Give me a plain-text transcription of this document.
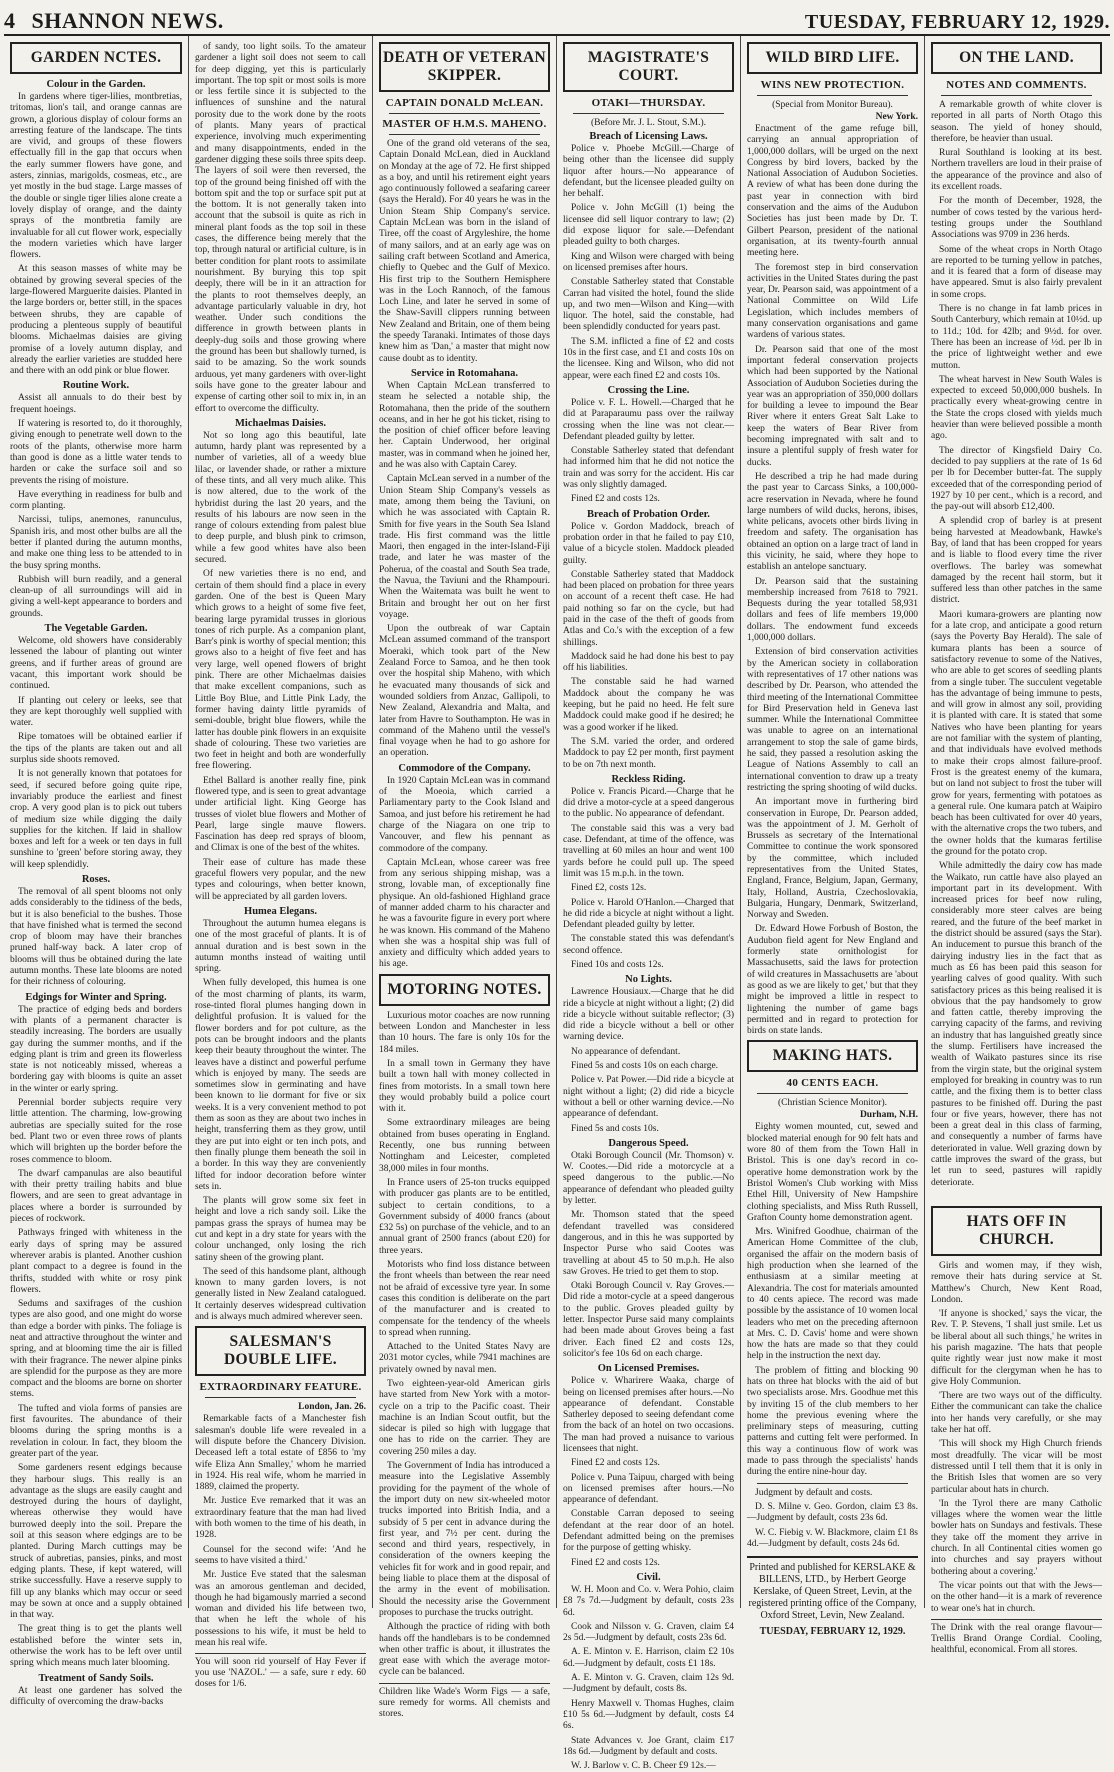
4 SHANNON NEWS.	TUESDAY, FEBRUARY 12, 1929.
GARDEN NCTES.
Colour in the Garden.

In gardens where tiger-lilies, montbretias, tritomas, lion's tail, and orange cannas are grown, a glorious display of colour forms an arresting feature of the landscape. The tints are vivid, and groups of these flowers effectually fill in the gap that occurs when the early summer flowers have gone, and asters, zinnias, marigolds, cosmeas, etc., are yet mostly in the bud stage. Large masses of the double or single tiger lilies alone create a lovely display of orange, and the dainty sprays of the montbretia family are invaluable for all cut flower work, especially the modern varieties which have larger flowers.

At this season masses of white may be obtained by growing several species of the large-flowered Marguerite daisies. Planted in the large borders or, better still, in the spaces between shrubs, they are capable of producing a plenteous supply of beautiful blooms. Michaelmas daisies are giving promise of a lovely autumn display, and already the earlier varieties are studded here and there with an odd pink or blue flower.

Routine Work.

Assist all annuals to do their best by frequent hoeings.

If watering is resorted to, do it thoroughly, giving enough to penetrate well down to the roots of the plants, otherwise more harm than good is done as a little water tends to harden or cake the surface soil and so prevents the rising of moisture.

Have everything in readiness for bulb and corm planting.

Narcissi, tulips, anemones, ranunculus, Spanish iris, and most other bulbs are all the better if planted during the autumn months, and make one thing less to be attended to in the busy spring months.

Rubbish will burn readily, and a general clean-up of all surroundings will aid in giving a well-kept appearance to borders and grounds.

The Vegetable Garden.

Welcome, old showers have considerably lessened the labour of planting out winter greens, and if further areas of ground are vacant, this important work should be continued.

If planting out celery or leeks, see that they are kept thoroughly well supplied with water.

Ripe tomatoes will be obtained earlier if the tips of the plants are taken out and all surplus side shoots removed.

It is not generally known that potatoes for seed, if secured before going quite ripe, invariably produce the earliest and finest crop. A very good plan is to pick out tubers of medium size while digging the daily supplies for the kitchen. If laid in shallow boxes and left for a week or ten days in full sunshine to 'green' before storing away, they will keep splendidly.

Roses.

The removal of all spent blooms not only adds considerably to the tidiness of the beds, but it is also beneficial to the bushes. Those that have finished what is termed the second crop of bloom may have their branches pruned half-way back. A later crop of blooms will thus be obtained during the late autumn months. These late blooms are noted for their richness of colouring.

Edgings for Winter and Spring.

The practice of edging beds and borders with plants of a permanent character is steadily increasing. The borders are usually gay during the summer months, and if the edging plant is trim and green its flowerless state is not noticeably missed, whereas a bordering gay with blooms is quite an asset in the winter or early spring.

Perennial border subjects require very little attention. The charming, low-growing aubretias are specially suited for the rose bed. Plant two or even three rows of plants which will brighten up the border before the roses commence to bloom.

The dwarf campanulas are also beautiful with their pretty trailing habits and blue flowers, and are seen to great advantage in places where a border is surrounded by pieces of rockwork.

Pathways fringed with whiteness in the early days of spring may be assured wherever arabis is planted. Another cushion plant compact to a degree is found in the thrifts, studded with white or rosy pink flowers.

Sedums and saxifrages of the cushion types are also good, and one might do worse than edge a border with pinks. The foliage is neat and attractive throughout the winter and spring, and at blooming time the air is filled with their fragrance. The newer alpine pinks are splendid for the purpose as they are more compact and the blooms are borne on shorter stems.

The tufted and viola forms of pansies are first favourites. The abundance of their blooms during the spring months is a revelation in colour. In fact, they bloom the greater part of the year.

Some gardeners resent edgings because they harbour slugs. This really is an advantage as the slugs are easily caught and destroyed during the hours of daylight, whereas otherwise they would have burrowed deeply into the soil. Prepare the soil at this season where edgings are to be planted. During March cuttings may be struck of aubretias, pansies, pinks, and most edging plants. These, if kept watered, will strike successfully. Have a reserve supply to fill up any blanks which may occur or seed may be sown at once and a supply obtained in that way.

The great thing is to get the plants well established before the winter sets in, otherwise the work has to be left over until spring which means much later blooming.

Treatment of Sandy Soils.

At least one gardener has solved the difficulty of overcoming the draw-backs

of sandy, too light soils. To the amateur gardener a light soil does not seem to call for deep digging, yet this is particularly important. The top spit or most soils is more or less fertile since it is subjected to the influences of sunshine and the natural porosity due to the work done by the roots of plants. Many years of practical experience, involving much experimenting and many disappointments, ended in the gardener digging these soils three spits deep. The layers of soil were then reversed, the top of the ground being finished off with the bottom spit and the top or surface spit put at the bottom. It is not generally taken into account that the subsoil is quite as rich in mineral plant foods as the top soil in these cases, the difference being merely that the top, through natural or artificial culture, is in better condition for plant roots to assimilate nourishment. By burying this top spit deeply, there will be in it an attraction for the plants to root themselves deeply, an advantage particularly valuable in dry, hot weather. Under such conditions the difference in growth between plants in deeply-dug soils and those growing where the ground has been but shallowly turned, is said to be amazing. So the work sounds arduous, yet many gardeners with over-light soils have gone to the greater labour and expense of carting other soil to mix in, in an effort to overcome the difficulty.

Michaelmas Daisies.

Not so long ago this beautiful, late autumn, hardy plant was represented by a number of varieties, all of a weedy blue lilac, or lavender shade, or rather a mixture of these tints, and all very much alike. This is now altered, due to the work of the hybridist during the last 20 years, and the results of his labours are now seen in the range of colours extending from palest blue to deep purple, and blush pink to crimson, while a few good whites have also been secured.

Of new varieties there is no end, and certain of them should find a place in every garden. One of the best is Queen Mary which grows to a height of some five feet, bearing large pyramidal trusses in glorious tones of rich purple. As a companion plant, Barr's pink is worthy of special mention; this grows also to a height of five feet and has very large, well opened flowers of bright pink. There are other Michaelmas daisies that make excellent companions, such as Little Boy Blue, and Little Pink Lady, the former having dainty little pyramids of semi-double, bright blue flowers, while the latter has double pink flowers in an exquisite shade of colouring. These two varieties are two feet in height and both are wonderfully free flowering.

Ethel Ballard is another really fine, pink flowered type, and is seen to great advantage under artificial light. King George has trusses of violet blue flowers and Mother of Pearl, large single mauve flowers. Fascination has deep red sprays of bloom, and Climax is one of the best of the whites.

Their ease of culture has made these graceful flowers very popular, and the new types and colourings, when better known, will be appreciated by all garden lovers.

Humea Elegans.

Throughout the autumn humea elegans is one of the most graceful of plants. It is of annual duration and is best sown in the autumn months instead of waiting until spring.

When fully developed, this humea is one of the most charming of plants, its warm, rose-tinted floral plumes hanging down in delightful profusion. It is valued for the flower borders and for pot culture, as the pots can be brought indoors and the plants keep their beauty throughout the winter. The leaves have a distinct and powerful perfume which is enjoyed by many. The seeds are sometimes slow in germinating and have been known to lie dormant for five or six weeks. It is a very convenient method to pot them as soon as they are about two inches in height, transferring them as they grow, until they are put into eight or ten inch pots, and then finally plunge them beneath the soil in a border. In this way they are conveniently lifted for indoor decoration before winter sets in.

The plants will grow some six feet in height and love a rich sandy soil. Like the pampas grass the sprays of humea may be cut and kept in a dry state for years with the colour unchanged, only losing the rich satiny sheen of the growing plant.

The seed of this handsome plant, although known to many garden lovers, is not generally listed in New Zealand catalogued. It certainly deserves widespread cultivation and is always much admired wherever seen.

SALESMAN'S DOUBLE LIFE.
EXTRAORDINARY FEATURE.
London, Jan. 26.

Remarkable facts of a Manchester fish salesman's double life were revealed in a will dispute before the Chancery Division. Deceased left a total estate of £856 to 'my wife Eliza Ann Smalley,' whom he married in 1924. His real wife, whom he married in 1889, claimed the property.

Mr. Justice Eve remarked that it was an extraordinary feature that the man had lived with both women to the time of his death, in 1928.

Counsel for the second wife: 'And he seems to have visited a third.'

Mr. Justice Eve stated that the salesman was an amorous gentleman and decided, though he had bigamously married a second woman and divided his life between two, that when he left the whole of his possessions to his wife, it must be held to mean his real wife.

You will soon rid yourself of Hay Fever if you use 'NAZOL.' — a safe, sure r edy. 60 doses for 1/6.
DEATH OF VETERAN SKIPPER.
CAPTAIN DONALD McLEAN.
MASTER OF H.M.S. MAHENO.

One of the grand old veterans of the sea, Captain Donald McLean, died in Auckland on Monday at the age of 72. He first shipped as a boy, and until his retirement eight years ago continuously followed a seafaring career (says the Herald). For 40 years he was in the Union Steam Ship Company's service. Captain McLean was born in the island of Tiree, off the coast of Argyleshire, the home of many sailors, and at an early age was on sailing craft between Scotland and America, chiefly to Quebec and the Gulf of Mexico. His first trip to the Southern Hemisphere was in the Loch Rannoch, of the famous Loch Line, and later he served in some of the Shaw-Savill clippers running between New Zealand and Britain, one of them being the speedy Taranaki. Intimates of those days knew him as 'Dan,' a master that might now cause doubt as to identity.

Service in Rotomahana.

When Captain McLean transferred to steam he selected a notable ship, the Rotomahana, then the pride of the southern oceans, and in her he got his ticket, rising to the position of chief officer before leaving her. Captain Underwood, her original master, was in command when he joined her, and he was also with Captain Carey.

Captain McLean served in a number of the Union Steam Ship Company's vessels as mate, among them being the Taviuni, on which he was associated with Captain R. Smith for five years in the South Sea Island trade. His first command was the little Maori, then engaged in the inter-Island-Fiji trade, and later he was master of the Poherua, of the coastal and South Sea trade, the Navua, the Taviuni and the Rhampouri. When the Waitemata was built he went to Britain and brought her out on her first voyage.

Upon the outbreak of war Captain McLean assumed command of the transport Moeraki, which took part of the New Zealand Force to Samoa, and he then took over the hospital ship Maheno, with which he evacuated many thousands of sick and wounded soldiers from Anzac, Gallipoli, to New Zealand, Alexandria and Malta, and later from Havre to Southampton. He was in command of the Maheno until the vessel's final voyage when he had to go ashore for an operation.

Commodore of the Company.

In 1920 Captain McLean was in command of the Moeoia, which carried a Parliamentary party to the Cook Island and Samoa, and just before his retirement he had charge of the Niagara on one trip to Vancouver, and flew his pennant as commodore of the company.

Captain McLean, whose career was free from any serious shipping mishap, was a strong, lovable man, of exceptionally fine physique. An old-fashioned Highland grace of manner added charm to his character and he was a favourite figure in every port where he was known. His command of the Maheno when she was a hospital ship was full of anxiety and difficulty which added years to his age.

MOTORING NOTES.

Luxurious motor coaches are now running between London and Manchester in less than 10 hours. The fare is only 10s for the 184 miles.

In a small town in Germany they have built a town hall with money collected in fines from motorists. In a small town here they would probably build a police court with it.

Some extraordinary mileages are being obtained from buses operating in England. Recently, one bus running between Nottingham and Leicester, completed 38,000 miles in four months.

In France users of 25-ton trucks equipped with producer gas plants are to be entitled, subject to certain conditions, to a Government subsidy of 4000 francs (about £32 5s) on purchase of the vehicle, and to an annual grant of 2500 francs (about £20) for three years.

Motorists who find loss distance between the front wheels than between the rear need not be afraid of excessive tyre year. In some cases this condition is deliberate on the part of the manufacturer and is created to compensate for the tendency of the wheels to spread when running.

Attached to the United States Navy are 2031 motor cycles, while 7941 machines are privately owned by naval men.

Two eighteen-year-old American girls have started from New York with a motor-cycle on a trip to the Pacific coast. Their machine is an Indian Scout outfit, but the sidecar is piled so high with luggage that one has to ride on the carrier. They are covering 250 miles a day.

The Government of India has introduced a measure into the Legislative Assembly providing for the payment of the whole of the import duty on new six-wheeled motor trucks imported into British India, and a subsidy of 5 per cent in advance during the first year, and 7½ per cent. during the second and third years, respectively, in consideration of the owners keeping the vehicles fit for work and in good repair, and being liable to place them at the disposal of the army in the event of mobilisation. Should the necessity arise the Government proposes to purchase the trucks outright.

Although the practice of riding with both hands off the handlebars is to be condemned when other traffic is about, it illustrates the great ease with which the average motor-cycle can be balanced.

Children like Wade's Worm Figs — a safe, sure remedy for worms. All chemists and stores.
MAGISTRATE'S COURT.
OTAKI—THURSDAY.
(Before Mr. J. L. Stout, S.M.).
Breach of Licensing Laws.

Police v. Phoebe McGill.—Charge of being other than the licensee did supply liquor after hours.—No appearance of defendant, but the licensee pleaded guilty on her behalf.

Police v. John McGill (1) being the licensee did sell liquor contrary to law; (2) did expose liquor for sale.—Defendant pleaded guilty to both charges.

King and Wilson were charged with being on licensed premises after hours.

Constable Satherley stated that Constable Carran had visited the hotel, found the slide up, and two men—Wilson and King—with liquor. The hotel, said the constable, had been splendidly conducted for years past.

The S.M. inflicted a fine of £2 and costs 10s in the first case, and £1 and costs 10s on the licensee. King and Wilson, who did not appear, were each fined £2 and costs 10s.

Crossing the Line.

Police v. F. L. Howell.—Charged that he did at Paraparaumu pass over the railway crossing when the line was not clear.—Defendant pleaded guilty by letter.

Constable Satherley stated that defendant had informed him that he did not notice the train and was sorry for the accident. His car was only slightly damaged.

Fined £2 and costs 12s.

Breach of Probation Order.

Police v. Gordon Maddock, breach of probation order in that he failed to pay £10, value of a bicycle stolen. Maddock pleaded guilty.

Constable Satherley stated that Maddock had been placed on probation for three years on account of a recent theft case. He had paid nothing so far on the cycle, but had paid in the case of the theft of goods from Atlas and Co.'s with the exception of a few shillings.

Maddock said he had done his best to pay off his liabilities.

The constable said he had warned Maddock about the company he was keeping, but he paid no heed. He felt sure Maddock could make good if he desired; he was a good worker if he liked.

The S.M. varied the order, and ordered Maddock to pay £2 per month, first payment to be on 7th next month.

Reckless Riding.

Police v. Francis Picard.—Charge that he did drive a motor-cycle at a speed dangerous to the public. No appearance of defendant.

The constable said this was a very bad case. Defendant, at time of the offence, was travelling at 60 miles an hour and went 100 yards before he could pull up. The speed limit was 15 m.p.h. in the town.

Fined £2, costs 12s.

Police v. Harold O'Hanlon.—Charged that he did ride a bicycle at night without a light. Defendant pleaded guilty by letter.

The constable stated this was defendant's second offence.

Fined 10s and costs 12s.

No Lights.

Lawrence Housiaux.—Charge that he did ride a bicycle at night without a light; (2) did ride a bicycle without suitable reflector; (3) did ride a bicycle without a bell or other warning device.

No appearance of defendant.

Fined 5s and costs 10s on each charge.

Police v. Pat Power.—Did ride a bicycle at night without a light; (2) did ride a bicycle without a bell or other warning device.—No appearance of defendant.

Fined 5s and costs 10s.

Dangerous Speed.

Otaki Borough Council (Mr. Thomson) v. W. Cootes.—Did ride a motorcycle at a speed dangerous to the public.—No appearance of defendant who pleaded guilty by letter.

Mr. Thomson stated that the speed defendant travelled was considered dangerous, and in this he was supported by Inspector Purse who said Cootes was travelling at about 45 to 50 m.p.h. He also saw Groves. He tried to get them to stop.

Otaki Borough Council v. Ray Groves.—Did ride a motor-cycle at a speed dangerous to the public. Groves pleaded guilty by letter. Inspector Purse said many complaints had been made about Groves being a fast driver. Each fined £2 and costs 12s, solicitor's fee 10s 6d on each charge.

On Licensed Premises.

Police v. Wharirere Waaka, charge of being on licensed premises after hours.—No appearance of defendant. Constable Satherley deposed to seeing defendant come from the back of an hotel on two occasions. The man had proved a nuisance to various licensees that night.

Fined £2 and costs 12s.

Police v. Puna Taipuu, charged with being on licensed premises after hours.—No appearance of defendant.

Constable Carran deposed to seeing defendant at the rear door of an hotel. Defendant admitted being on the premises for the purpose of getting whisky.

Fined £2 and costs 12s.

Civil.

W. H. Moon and Co. v. Wera Pohio, claim £8 7s 7d.—Judgment by default, costs 23s 6d.

Cook and Nilsson v. G. Craven, claim £4 2s 5d.—Judgment by default, costs 23s 6d.

A. E. Minton v. E. Harrison, claim £2 10s 6d.—Judgment by default, costs £1 18s.

A. E. Minton v. G. Craven, claim 12s 9d.—Judgment by default, costs 8s.

Henry Maxwell v. Thomas Hughes, claim £10 5s 6d.—Judgment by default, costs £4 6s.

State Advances v. Joe Grant, claim £17 18s 6d.—Judgment by default and costs.

W. J. Barlow v. C. B. Cheer £9 12s.—

WILD BIRD LIFE.
WINS NEW PROTECTION.
(Special from Monitor Bureau).
New York.

Enactment of the game refuge bill, carrying an annual appropriation of 1,000,000 dollars, will be urged on the next Congress by bird lovers, backed by the National Association of Audubon Societies. A review of what has been done during the past year in connection with bird conservation and the aims of the Audubon Societies has just been made by Dr. T. Gilbert Pearson, president of the national organisation, at its twenty-fourth annual meeting here.

The foremost step in bird conservation activities in the United States during the past year, Dr. Pearson said, was appointment of a National Committee on Wild Life Legislation, which includes members of many conservation organisations and game wardens of various states.

Dr. Pearson said that one of the most important federal conservation projects which had been supported by the National Association of Audubon Societies during the year was an appropriation of 350,000 dollars for building a levee to impound the Bear River where it enters Great Salt Lake to keep the waters of Bear River from becoming impregnated with salt and to insure a plentiful supply of fresh water for ducks.

He described a trip he had made during the past year to Carcass Sinks, a 100,000-acre reservation in Nevada, where he found large numbers of wild ducks, herons, ibises, white pelicans, avocets other birds living in freedom and safety. The organisation has obtained an option on a large tract of land in this vicinity, he said, where they hope to establish an antelope sanctuary.

Dr. Pearson said that the sustaining membership increased from 7618 to 7921. Bequests during the year totalled 58,931 dollars and fees of life members 19,000 dollars. The endowment fund exceeds 1,000,000 dollars.

Extension of bird conservation activities by the American society in collaboration with representatives of 17 other nations was described by Dr. Pearson, who attended the third meeting of the International Committee for Bird Preservation held in Geneva last summer. While the International Committee was unable to agree on an international arrangement to stop the sale of game birds, he said, they passed a resolution asking the League of Nations Assembly to call an international convention to draw up a treaty restricting the spring shooting of wild ducks.

An important move in furthering bird conservation in Europe, Dr. Pearson added, was the appointment of J. M. Gerholt of Brussels as secretary of the International Committee to continue the work sponsored by the committee, which included representatives from the United States, England, France, Belgium, Japan, Germany, Italy, Holland, Austria, Czechoslovakia, Bulgaria, Hungary, Denmark, Switzerland, Norway and Sweden.

Dr. Edward Howe Forbush of Boston, the Audubon field agent for New England and formerly state ornithologist for Massachusetts, said the laws for protection of wild creatures in Massachusetts are 'about as good as we are likely to get,' but that they might be improved a little in respect to lightening the number of game bags permitted and in regard to protection for birds on state lands.

MAKING HATS.
40 CENTS EACH.
(Christian Science Monitor).
Durham, N.H.

Eighty women mounted, cut, sewed and blocked material enough for 90 felt hats and wore 80 of them from the Town Hall in Bristol. This is one day's record in co-operative home demonstration work by the Bristol Women's Club working with Miss Ethel Hill, University of New Hampshire clothing specialists, and Miss Ruth Russell, Grafton County home demonstration agent.

Mrs. Winifred Goodhue, chairman of the American Home Committee of the club, organised the affair on the modern basis of high production when she learned of the enthusiasm at a similar meeting at Alexandria. The cost for materials amounted to 40 cents apiece. The record was made possible by the assistance of 10 women local leaders who met on the preceding afternoon at Mrs. C. D. Cavis' home and were shown how the hats are made so that they could help in the instruction the next day.

The problem of fitting and blocking 90 hats on three hat blocks with the aid of but two specialists arose. Mrs. Goodhue met this by inviting 15 of the club members to her home the previous evening where the preliminary steps of measuring, cutting patterns and cutting felt were performed. In this way a continuous flow of work was made to pass through the specialists' hands during the entire nine-hour day.

Judgment by default and costs.

D. S. Milne v. Geo. Gordon, claim £3 8s.—Judgment by default, costs 23s 6d.

W. C. Fiebig v. W. Blackmore, claim £1 8s 4d.—Judgment by default, costs 24s 6d.

Printed and published for KERSLAKE & BILLENS, LTD., by Herbert George Kerslake, of Queen Street, Levin, at the registered printing office of the Company, Oxford Street, Levin, New Zealand.
TUESDAY, FEBRUARY 12, 1929.
ON THE LAND.
NOTES AND COMMENTS.

A remarkable growth of white clover is reported in all parts of North Otago this season. The yield of honey should, therefore, be heavier than usual.

Rural Southland is looking at its best. Northern travellers are loud in their praise of the appearance of the province and also of its excellent roads.

For the month of December, 1928, the number of cows tested by the various herd-testing groups under the Southland Associations was 9709 in 236 herds.

Some of the wheat crops in North Otago are reported to be turning yellow in patches, and it is feared that a form of disease may have appeared. Smut is also fairly prevalent in some crops.

There is no change in fat lamb prices in South Canterbury, which remain at 10½d. up to 11d.; 10d. for 42lb; and 9½d. for over. There has been an increase of ½d. per lb in the price of lightweight wether and ewe mutton.

The wheat harvest in New South Wales is expected to exceed 50,000,000 bushels. In practically every wheat-growing centre in the State the crops closed with yields much heavier than were believed possible a month ago.

The director of Kingsfield Dairy Co. decided to pay suppliers at the rate of 1s 6d per lb for December butter-fat. The supply exceeded that of the corresponding period of 1927 by 10 per cent., which is a record, and the pay-out will absorb £12,400.

A splendid crop of barley is at present being harvested at Meadowbank, Hawke's Bay, of land that has been cropped for years and is liable to flood every time the river overflows. The barley was somewhat damaged by the recent hail storm, but it suffered less than other patches in the same district.

Maori kumara-growers are planting now for a late crop, and anticipate a good return (says the Poverty Bay Herald). The sale of kumara plants has been a source of satisfactory revenue to some of the Natives, who are able to get scores of seedling plants from a single tuber. The succulent vegetable has the advantage of being immune to pests, and will grow in almost any soil, providing it is planted with care. It is stated that some Natives who have been planting for years are not familiar with the system of planting, and that individuals have evolved methods to make their crops almost failure-proof. Frost is the greatest enemy of the kumara, but on land not subject to frost the tuber will grow for years, fermenting with potatoes as a general rule. One kumara patch at Waipiro beach has been cultivated for over 40 years, with the alternative crops the two tubers, and the owner holds that the kumaras fertilise the ground for the potato crop.

While admittedly the dairy cow has made the Waikato, run cattle have also played an important part in its development. With increased prices for beef now ruling, considerably more steer calves are being reared, and the future of the beef market in the district should be assured (says the Star). An inducement to pursue this branch of the dairying industry lies in the fact that as much as £6 has been paid this season for yearling calves of good quality. With such satisfactory prices as this being realised it is obvious that the pay handsomely to grow and fatten cattle, thereby improving the carrying capacity of the farms, and reviving an industry that has languished greatly since the slump. Fertilisers have increased the wealth of Waikato pastures since its rise from the virgin state, but the original system employed for breaking in country was to run cattle, and the fixing them is to better class pastures to be finished off. During the past four or five years, however, there has not been a great deal in this class of farming, and consequently a number of farms have deteriorated in value. Well grazing down by cattle improves the sward of the grass, but let run to seed, pastures will rapidly deteriorate.

HATS OFF IN CHURCH.

Girls and women may, if they wish, remove their hats during service at St. Matthew's Church, New Kent Road, London.

'If anyone is shocked,' says the vicar, the Rev. T. P. Stevens, 'I shall just smile. Let us be liberal about all such things,' he writes in his parish magazine. 'The hats that people quite rightly wear just now make it most difficult for the clergyman when he has to give Holy Communion.

'There are two ways out of the difficulty. Either the communicant can take the chalice into her hands very carefully, or she may take her hat off.

'This will shock my High Church friends most dreadfully. The vicar will be most distressed until I tell them that it is only in the British Isles that women are so very particular about hats in church.

'In the Tyrol there are many Catholic villages where the women wear the little bowler hats on Sundays and festivals. These they take off the moment they arrive in church. In all Continental cities women go into churches and say prayers without bothering about a covering.'

The vicar points out that with the Jews—on the other hand—it is a mark of reverence to wear one's hat in church.

The Drink with the real orange flavour—Trellis Brand Orange Cordial. Cooling, healthful, economical. From all stores.
